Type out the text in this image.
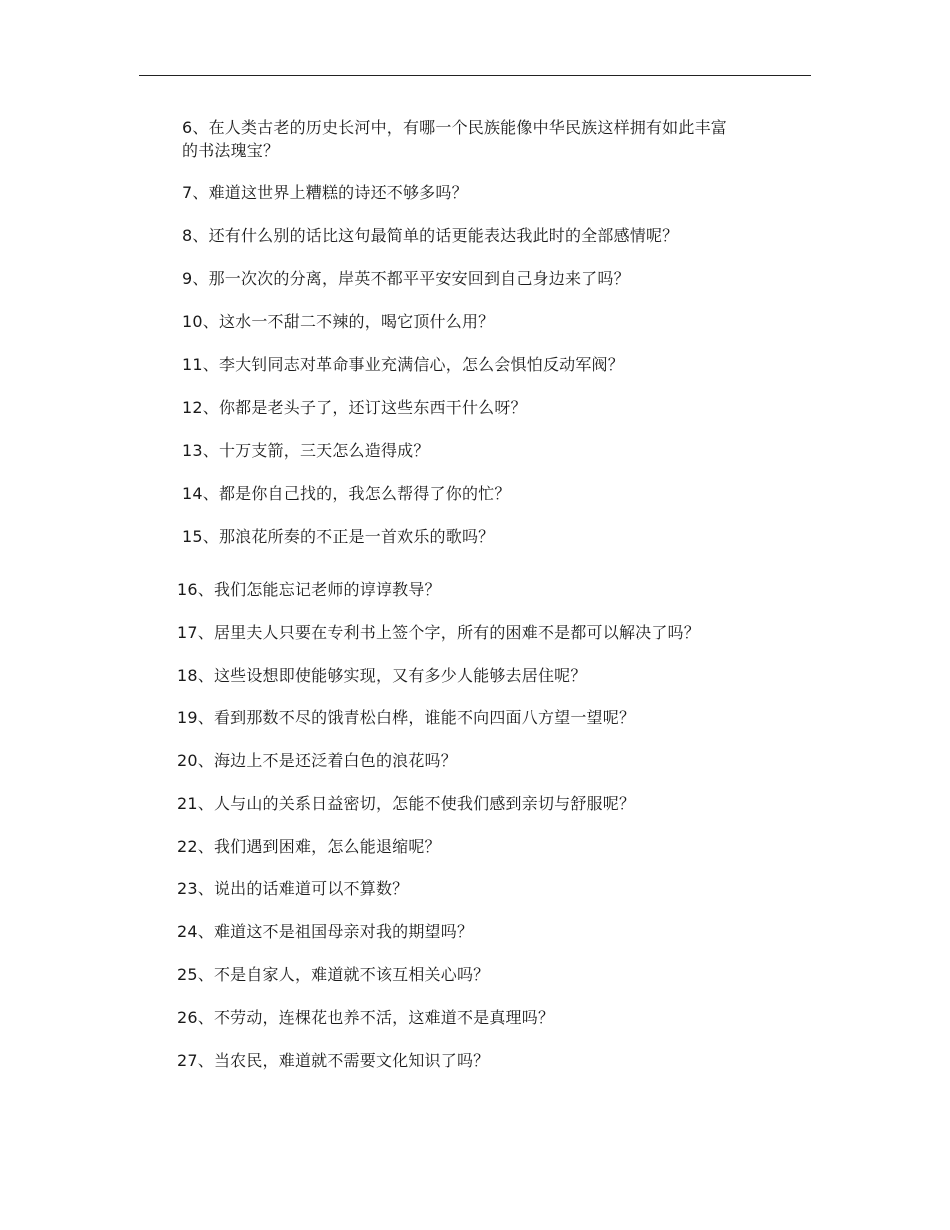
6、在人类古老的历史长河中，有哪一个民族能像中华民族这样拥有如此丰富
的书法瑰宝？
7、难道这世界上糟糕的诗还不够多吗？
8、还有什么别的话比这句最简单的话更能表达我此时的全部感情呢？
9、那一次次的分离，岸英不都平平安安回到自己身边来了吗？
10、这水一不甜二不辣的，喝它顶什么用？
11、李大钊同志对革命事业充满信心，怎么会惧怕反动军阀？
12、你都是老头子了，还订这些东西干什么呀？
13、十万支箭，三天怎么造得成？
14、都是你自己找的，我怎么帮得了你的忙？
15、那浪花所奏的不正是一首欢乐的歌吗？
16、我们怎能忘记老师的谆谆教导？
17、居里夫人只要在专利书上签个字，所有的困难不是都可以解决了吗？
18、这些设想即使能够实现，又有多少人能够去居住呢？
19、看到那数不尽的饿青松白桦，谁能不向四面八方望一望呢？
20、海边上不是还泛着白色的浪花吗？
21、人与山的关系日益密切，怎能不使我们感到亲切与舒服呢？
22、我们遇到困难，怎么能退缩呢？
23、说出的话难道可以不算数？
24、难道这不是祖国母亲对我的期望吗？
25、不是自家人，难道就不该互相关心吗？
26、不劳动，连棵花也养不活，这难道不是真理吗？
27、当农民，难道就不需要文化知识了吗？
